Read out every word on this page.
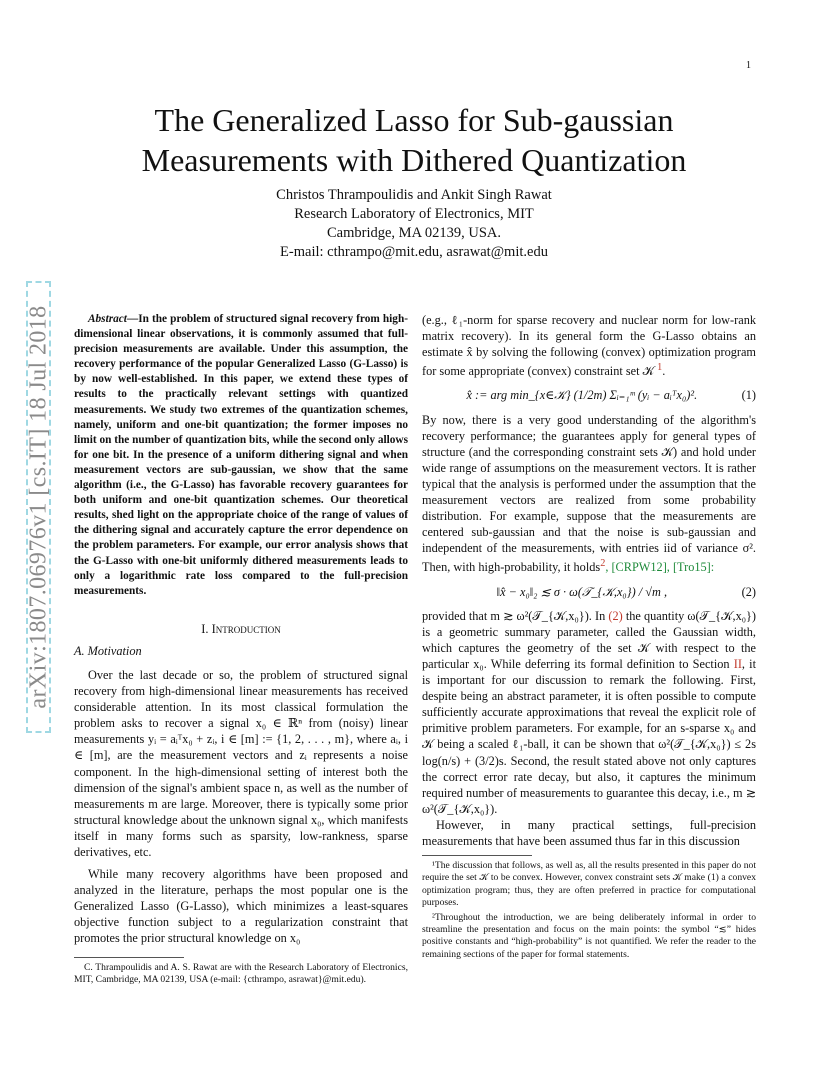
1
arXiv:1807.06976v1 [cs.IT] 18 Jul 2018
The Generalized Lasso for Sub-gaussian
Measurements with Dithered Quantization
Christos Thrampoulidis and Ankit Singh Rawat
Research Laboratory of Electronics, MIT
Cambridge, MA 02139, USA.
E-mail: cthrampo@mit.edu, asrawat@mit.edu

Abstract—In the problem of structured signal recovery from high-dimensional linear observations, it is commonly assumed that full-precision measurements are available. Under this assumption, the recovery performance of the popular Generalized Lasso (G-Lasso) is by now well-established. In this paper, we extend these types of results to the practically relevant settings with quantized measurements. We study two extremes of the quantization schemes, namely, uniform and one-bit quantization; the former imposes no limit on the number of quantization bits, while the second only allows for one bit. In the presence of a uniform dithering signal and when measurement vectors are sub-gaussian, we show that the same algorithm (i.e., the G-Lasso) has favorable recovery guarantees for both uniform and one-bit quantization schemes. Our theoretical results, shed light on the appropriate choice of the range of values of the dithering signal and accurately capture the error dependence on the problem parameters. For example, our error analysis shows that the G-Lasso with one-bit uniformly dithered measurements leads to only a logarithmic rate loss compared to the full-precision measurements.

I. Introduction
A. Motivation

Over the last decade or so, the problem of structured signal recovery from high-dimensional linear measurements has received considerable attention. In its most classical formulation the problem asks to recover a signal x₀ ∈ ℝⁿ from (noisy) linear measurements yᵢ = aᵢᵀx₀ + zᵢ, i ∈ [m] := {1, 2, . . . , m}, where aᵢ, i ∈ [m], are the measurement vectors and zᵢ represents a noise component. In the high-dimensional setting of interest both the dimension of the signal's ambient space n, as well as the number of measurements m are large. Moreover, there is typically some prior structural knowledge about the unknown signal x₀, which manifests itself in many forms such as sparsity, low-rankness, sparse derivatives, etc.

While many recovery algorithms have been proposed and analyzed in the literature, perhaps the most popular one is the Generalized Lasso (G-Lasso), which minimizes a least-squares objective function subject to a regularization constraint that promotes the prior structural knowledge on x₀

C. Thrampoulidis and A. S. Rawat are with the Research Laboratory of Electronics, MIT, Cambridge, MA 02139, USA (e-mail: {cthrampo, asrawat}@mit.edu).

(e.g., ℓ₁-norm for sparse recovery and nuclear norm for low-rank matrix recovery). In its general form the G-Lasso obtains an estimate x̂ by solving the following (convex) optimization program for some appropriate (convex) constraint set 𝒦 $^1$.

x̂ := arg min_{x∈𝒦} (1/2m) Σᵢ₌₁ᵐ (yᵢ − aᵢᵀx₀)².	(1)

By now, there is a very good understanding of the algorithm's recovery performance; the guarantees apply for general types of structure (and the corresponding constraint sets 𝒦) and hold under wide range of assumptions on the measurement vectors. It is rather typical that the analysis is performed under the assumption that the measurement vectors are realized from some probability distribution. For example, suppose that the measurements are centered sub-gaussian and that the noise is sub-gaussian and independent of the measurements, with entries iid of variance σ². Then, with high-probability, it holds$^2$, [CRPW12], [Tro15]:

‖x̂ − x₀‖₂ ≲ σ · ω(𝒯_{𝒦,x₀}) / √m ,	(2)

provided that m ≳ ω²(𝒯_{𝒦,x₀}). In (2) the quantity ω(𝒯_{𝒦,x₀}) is a geometric summary parameter, called the Gaussian width, which captures the geometry of the set 𝒦 with respect to the particular x₀. While deferring its formal definition to Section II, it is important for our discussion to remark the following. First, despite being an abstract parameter, it is often possible to compute sufficiently accurate approximations that reveal the explicit role of primitive problem parameters. For example, for an s-sparse x₀ and 𝒦 being a scaled ℓ₁-ball, it can be shown that ω²(𝒯_{𝒦,x₀}) ≤ 2s log(n/s) + (3/2)s. Second, the result stated above not only captures the correct error rate decay, but also, it captures the minimum required number of measurements to guarantee this decay, i.e., m ≳ ω²(𝒯_{𝒦,x₀}).

However, in many practical settings, full-precision measurements that have been assumed thus far in this discussion

¹The discussion that follows, as well as, all the results presented in this paper do not require the set 𝒦 to be convex. However, convex constraint sets 𝒦 make (1) a convex optimization program; thus, they are often preferred in practice for computational purposes.

²Throughout the introduction, we are being deliberately informal in order to streamline the presentation and focus on the main points: the symbol “≲” hides positive constants and “high-probability” is not quantified. We refer the reader to the remaining sections of the paper for formal statements.
